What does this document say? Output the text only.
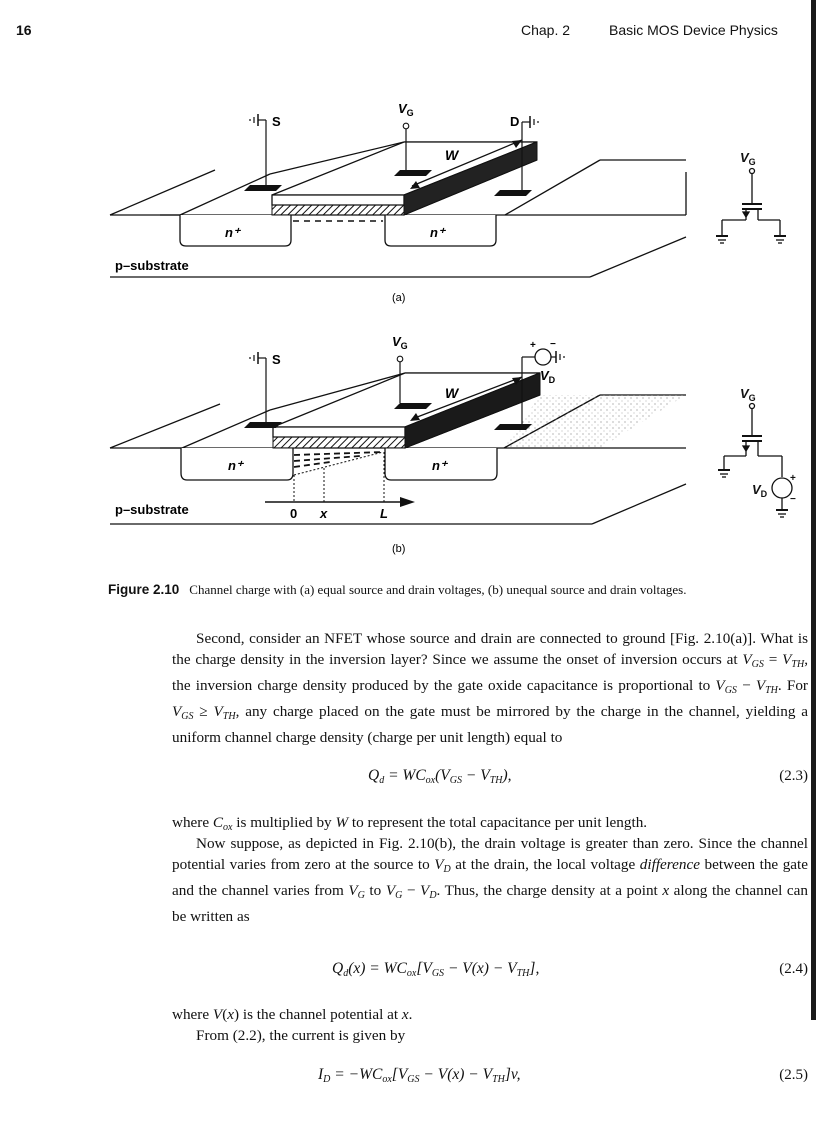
16	Chap. 2	Basic MOS Device Physics
n⁺	n⁺
W
S
$V_G$
D
p–substrate
(a)
$V_G$
n⁺	n⁺
0 x	L
W
S
$V_G$	+ −
$V_D$
p–substrate
(b)
$V_G$
$V_D$
+
−
Figure 2.10 Channel charge with (a) equal source and drain voltages, (b) unequal source and drain voltages.
Second, consider an NFET whose source and drain are connected to ground [Fig. 2.10(a)]. What is the charge density in the inversion layer? Since we assume the onset of inversion occurs at $V_{GS} = V_{TH}$, the inversion charge density produced by the gate oxide capacitance is proportional to $V_{GS} - V_{TH}$. For $V_{GS} \ge V_{TH}$, any charge placed on the gate must be mirrored by the charge in the channel, yielding a uniform channel charge density (charge per unit length) equal to
$Q_d = WC_{ox}(V_{GS} - V_{TH})$,	(2.3)
where $C_{ox}$ is multiplied by W to represent the total capacitance per unit length.
Now suppose, as depicted in Fig. 2.10(b), the drain voltage is greater than zero. Since the channel potential varies from zero at the source to $V_D$ at the drain, the local voltage difference between the gate and the channel varies from $V_G$ to $V_G - V_D$. Thus, the charge density at a point x along the channel can be written as
$Q_d(x) = WC_{ox}[V_{GS} - V(x) - V_{TH}]$,	(2.4)
where V(x) is the channel potential at x.
From (2.2), the current is given by
$I_D = -WC_{ox}[V_{GS} - V(x) - V_{TH}]v$,	(2.5)
